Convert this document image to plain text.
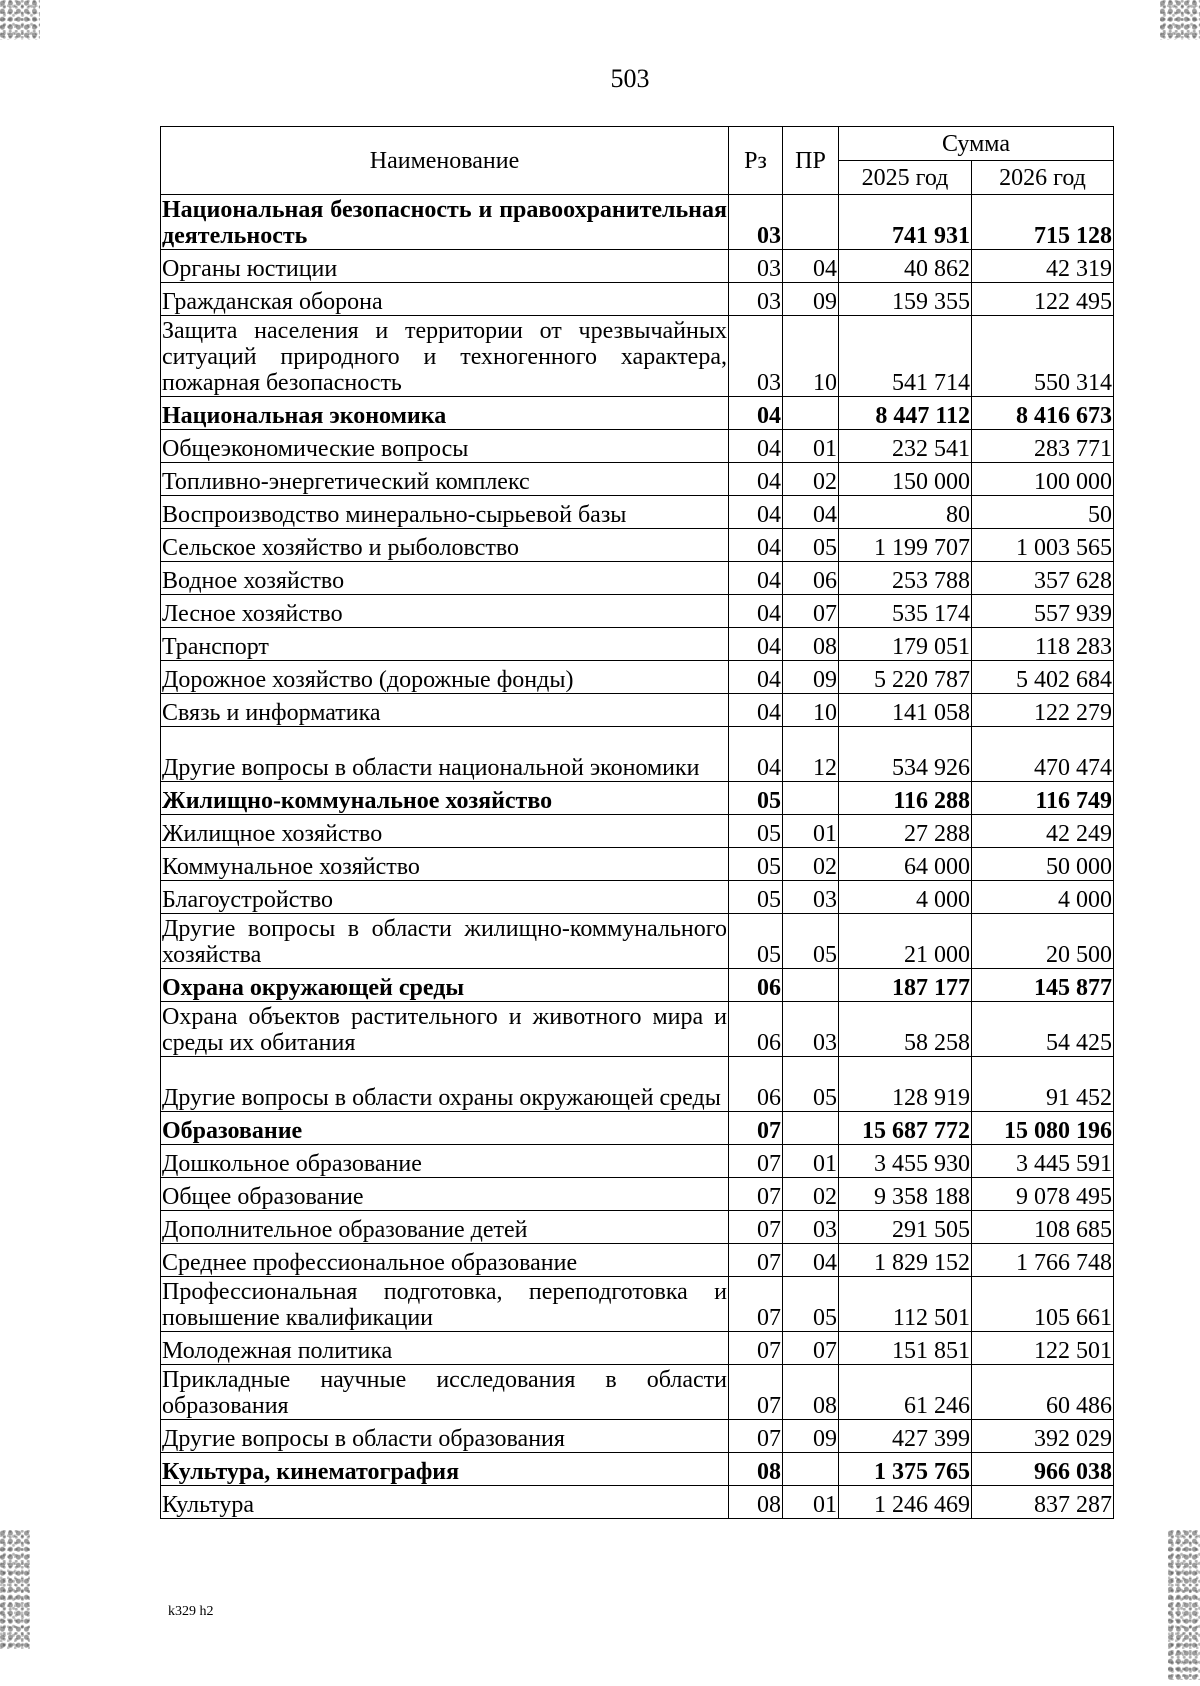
503
Наименование	Рз	ПР	Сумма	
			2025 год	2026 год
Национальная безопасность и правоохранительная деятельность	03		741 931	715 128
Органы юстиции	03	04	40 862	42 319
Гражданская оборона	03	09	159 355	122 495
Защита населения и территории от чрезвычайных ситуаций природного и техногенного характера, пожарная безопасность	03	10	541 714	550 314
Национальная экономика	04		8 447 112	8 416 673
Общеэкономические вопросы	04	01	232 541	283 771
Топливно-энергетический комплекс	04	02	150 000	100 000
Воспроизводство минерально-сырьевой базы	04	04	80	50
Сельское хозяйство и рыболовство	04	05	1 199 707	1 003 565
Водное хозяйство	04	06	253 788	357 628
Лесное хозяйство	04	07	535 174	557 939
Транспорт	04	08	179 051	118 283
Дорожное хозяйство (дорожные фонды)	04	09	5 220 787	5 402 684
Связь и информатика	04	10	141 058	122 279
Другие вопросы в области национальной экономики	04	12	534 926	470 474
Жилищно-коммунальное хозяйство	05		116 288	116 749
Жилищное хозяйство	05	01	27 288	42 249
Коммунальное хозяйство	05	02	64 000	50 000
Благоустройство	05	03	4 000	4 000
Другие вопросы в области жилищно-коммунального хозяйства	05	05	21 000	20 500
Охрана окружающей среды	06		187 177	145 877
Охрана объектов растительного и животного мира и среды их обитания	06	03	58 258	54 425
Другие вопросы в области охраны окружающей среды	06	05	128 919	91 452
Образование	07		15 687 772	15 080 196
Дошкольное образование	07	01	3 455 930	3 445 591
Общее образование	07	02	9 358 188	9 078 495
Дополнительное образование детей	07	03	291 505	108 685
Среднее профессиональное образование	07	04	1 829 152	1 766 748
Профессиональная подготовка, переподготовка и повышение квалификации	07	05	112 501	105 661
Молодежная политика	07	07	151 851	122 501
Прикладные научные исследования в области образования	07	08	61 246	60 486
Другие вопросы в области образования	07	09	427 399	392 029
Культура, кинематография	08		1 375 765	966 038
Культура	08	01	1 246 469	837 287
k329 h2
